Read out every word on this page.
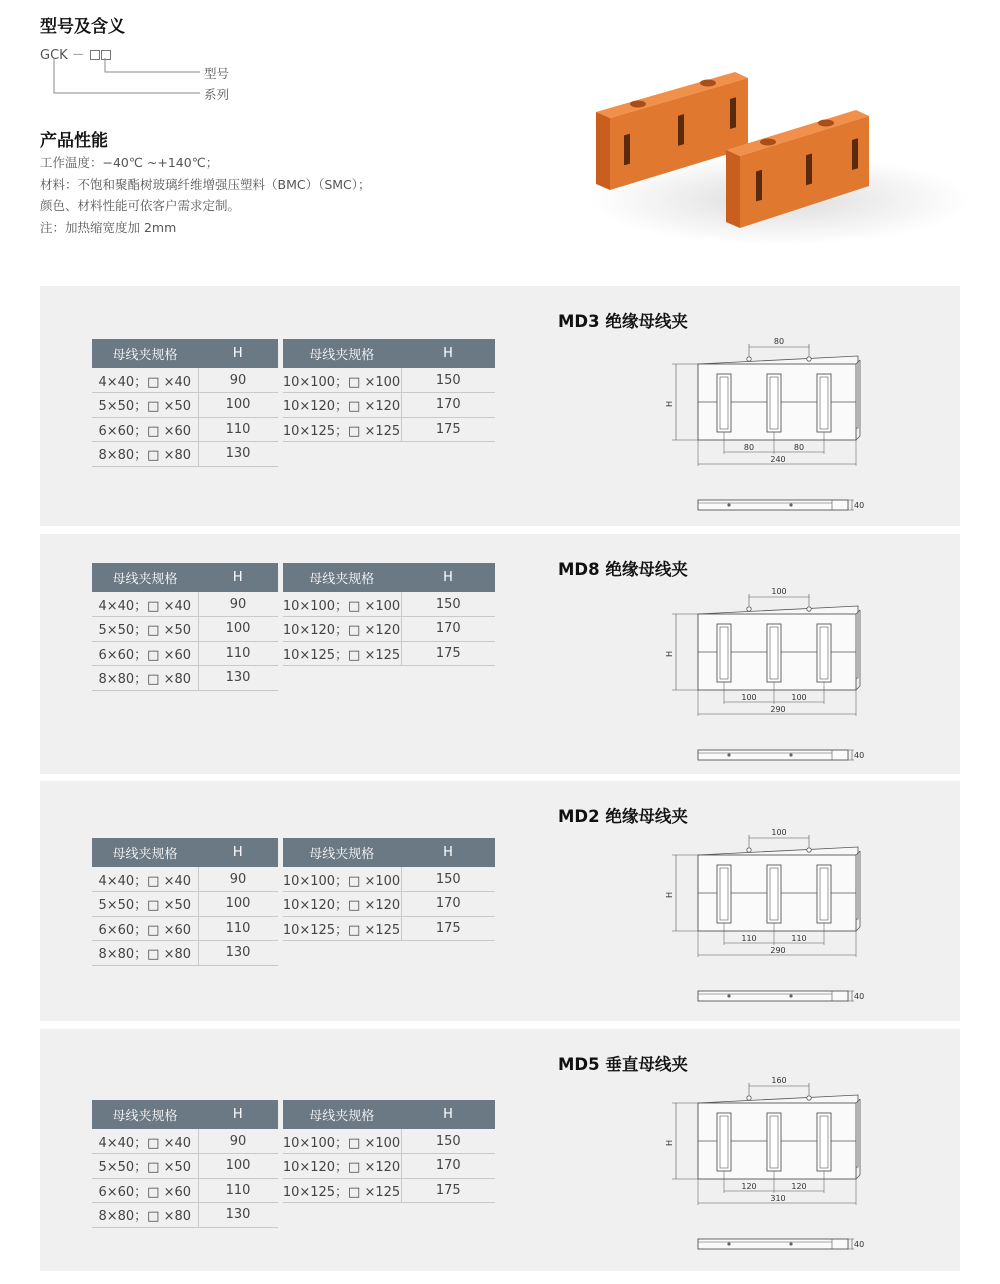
型号及含义
GCK －
型号
系列
产品性能
工作温度：−40℃ ~+140℃；
材料：不饱和聚酯树玻璃纤维增强压塑料（BMC）（SMC）；
颜色、材料性能可依客户需求定制。
注：加热缩宽度加 2mm
MD3 绝缘母线夹
母线夹规格	H	母线夹规格	H
4×40；□ ×40	90	10×100；□ ×100	150
5×50；□ ×50	100	10×120；□ ×120	170
6×60；□ ×60	110	10×125；□ ×125	175
8×80；□ ×80	130		
80
H
80	80
240
40
MD8 绝缘母线夹
母线夹规格	H	母线夹规格	H
4×40；□ ×40	90	10×100；□ ×100	150
5×50；□ ×50	100	10×120；□ ×120	170
6×60；□ ×60	110	10×125；□ ×125	175
8×80；□ ×80	130		
100
H
100	100
290
40
MD2 绝缘母线夹
母线夹规格	H	母线夹规格	H
4×40；□ ×40	90	10×100；□ ×100	150
5×50；□ ×50	100	10×120；□ ×120	170
6×60；□ ×60	110	10×125；□ ×125	175
8×80；□ ×80	130		
100
H
110	110
290
40
MD5 垂直母线夹
母线夹规格	H	母线夹规格	H
4×40；□ ×40	90	10×100；□ ×100	150
5×50；□ ×50	100	10×120；□ ×120	170
6×60；□ ×60	110	10×125；□ ×125	175
8×80；□ ×80	130		
160
H
120	120
310
40
